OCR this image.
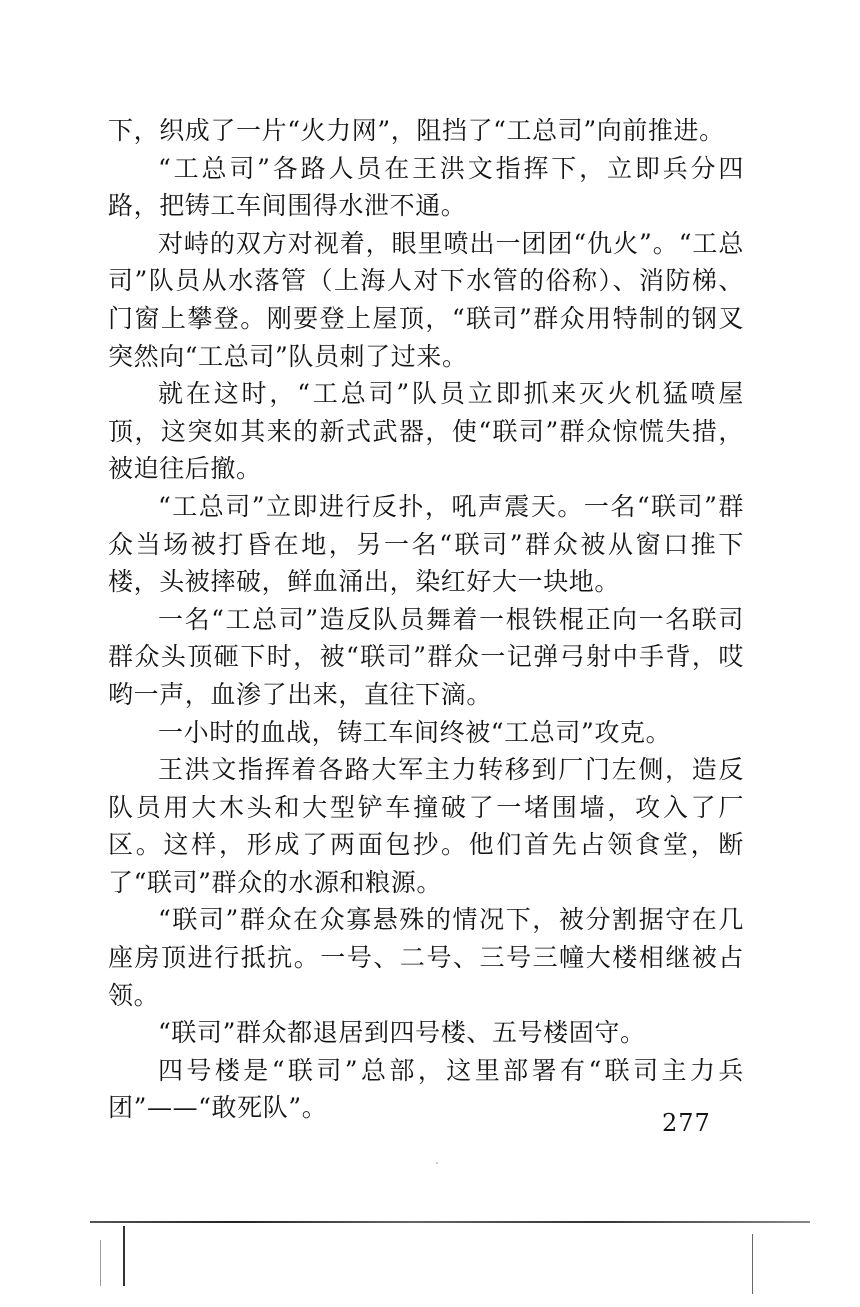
下，织成了一片“火力网”，阻挡了“工总司”向前推进。

“工总司”各路人员在王洪文指挥下，立即兵分四路，把铸工车间围得水泄不通。

对峙的双方对视着，眼里喷出一团团“仇火”。“工总司”队员从水落管（上海人对下水管的俗称）、消防梯、门窗上攀登。刚要登上屋顶，“联司”群众用特制的钢叉突然向“工总司”队员刺了过来。

就在这时，“工总司”队员立即抓来灭火机猛喷屋顶，这突如其来的新式武器，使“联司”群众惊慌失措，被迫往后撤。

“工总司”立即进行反扑，吼声震天。一名“联司”群众当场被打昏在地，另一名“联司”群众被从窗口推下楼，头被摔破，鲜血涌出，染红好大一块地。

一名“工总司”造反队员舞着一根铁棍正向一名联司群众头顶砸下时，被“联司”群众一记弹弓射中手背，哎哟一声，血渗了出来，直往下滴。

一小时的血战，铸工车间终被“工总司”攻克。

王洪文指挥着各路大军主力转移到厂门左侧，造反队员用大木头和大型铲车撞破了一堵围墙，攻入了厂区。这样，形成了两面包抄。他们首先占领食堂，断了“联司”群众的水源和粮源。

“联司”群众在众寡悬殊的情况下，被分割据守在几座房顶进行抵抗。一号、二号、三号三幢大楼相继被占领。

“联司”群众都退居到四号楼、五号楼固守。

四号楼是“联司”总部，这里部署有“联司主力兵团”——“敢死队”。

277
